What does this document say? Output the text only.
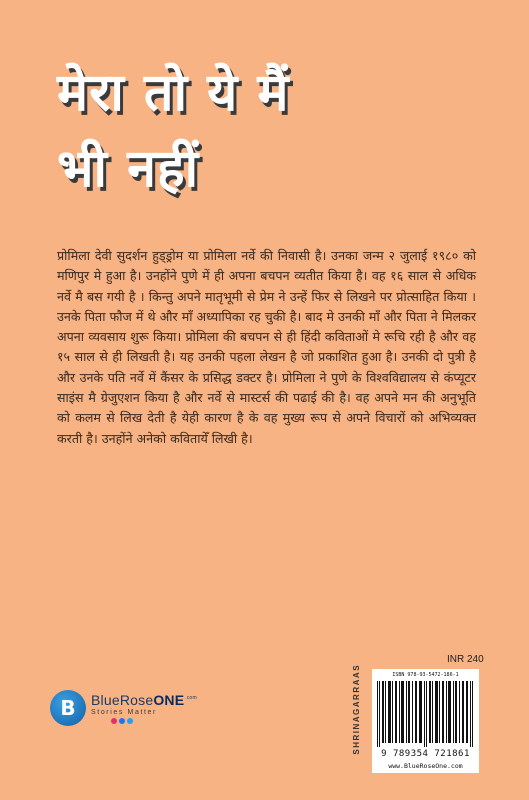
मेरा तो ये मैं
भी नहीं
प्रोमिला देवी सुदर्शन हुड्ड्रोम या प्रोमिला नर्वे की निवासी है। उनका जन्म २ जुलाई १९८० को मणिपुर मे हुआ है। उनहोंने पुणे में ही अपना बचपन व्यतीत किया है। वह १६ साल से अधिक नर्वे मै बस गयी है । किन्तु अपने मातृभूमी से प्रेम ने उन्हें फिर से लिखने पर प्रोत्साहित किया । उनके पिता फौज में थे और माँ अध्यापिका रह चुकी है। बाद मे उनकी माँ और पिता ने मिलकर अपना व्यवसाय शुरू किया। प्रोमिला की बचपन से ही हिंदी कविताओं मे रूचि रही है और वह १५ साल से ही लिखती है। यह उनकी पहला लेखन है जो प्रकाशित हुआ है। उनकी दो पुत्री है और उनके पति नर्वे में कैंसर के प्रसिद्ध डक्टर है। प्रोमिला ने पुणे के विश्वविद्यालय से कंप्यूटर साइंस मै ग्रेजुएशन किया है और नर्वे से मास्टर्स की पढाई की है। वह अपने मन की अनुभूति को कलम से लिख देती है येही कारण है के वह मुख्य रूप से अपने विचारों को अभिव्यक्त करती है। उनहोंने अनेको कवितायेँ लिखी है।
B	BlueRoseONE$^{.com}$
Stories Matter	SHRINAGAR
RAAS
INR 240
ISBN 978-93-5472-186-1
9 789354 721861
www.BlueRoseOne.com
